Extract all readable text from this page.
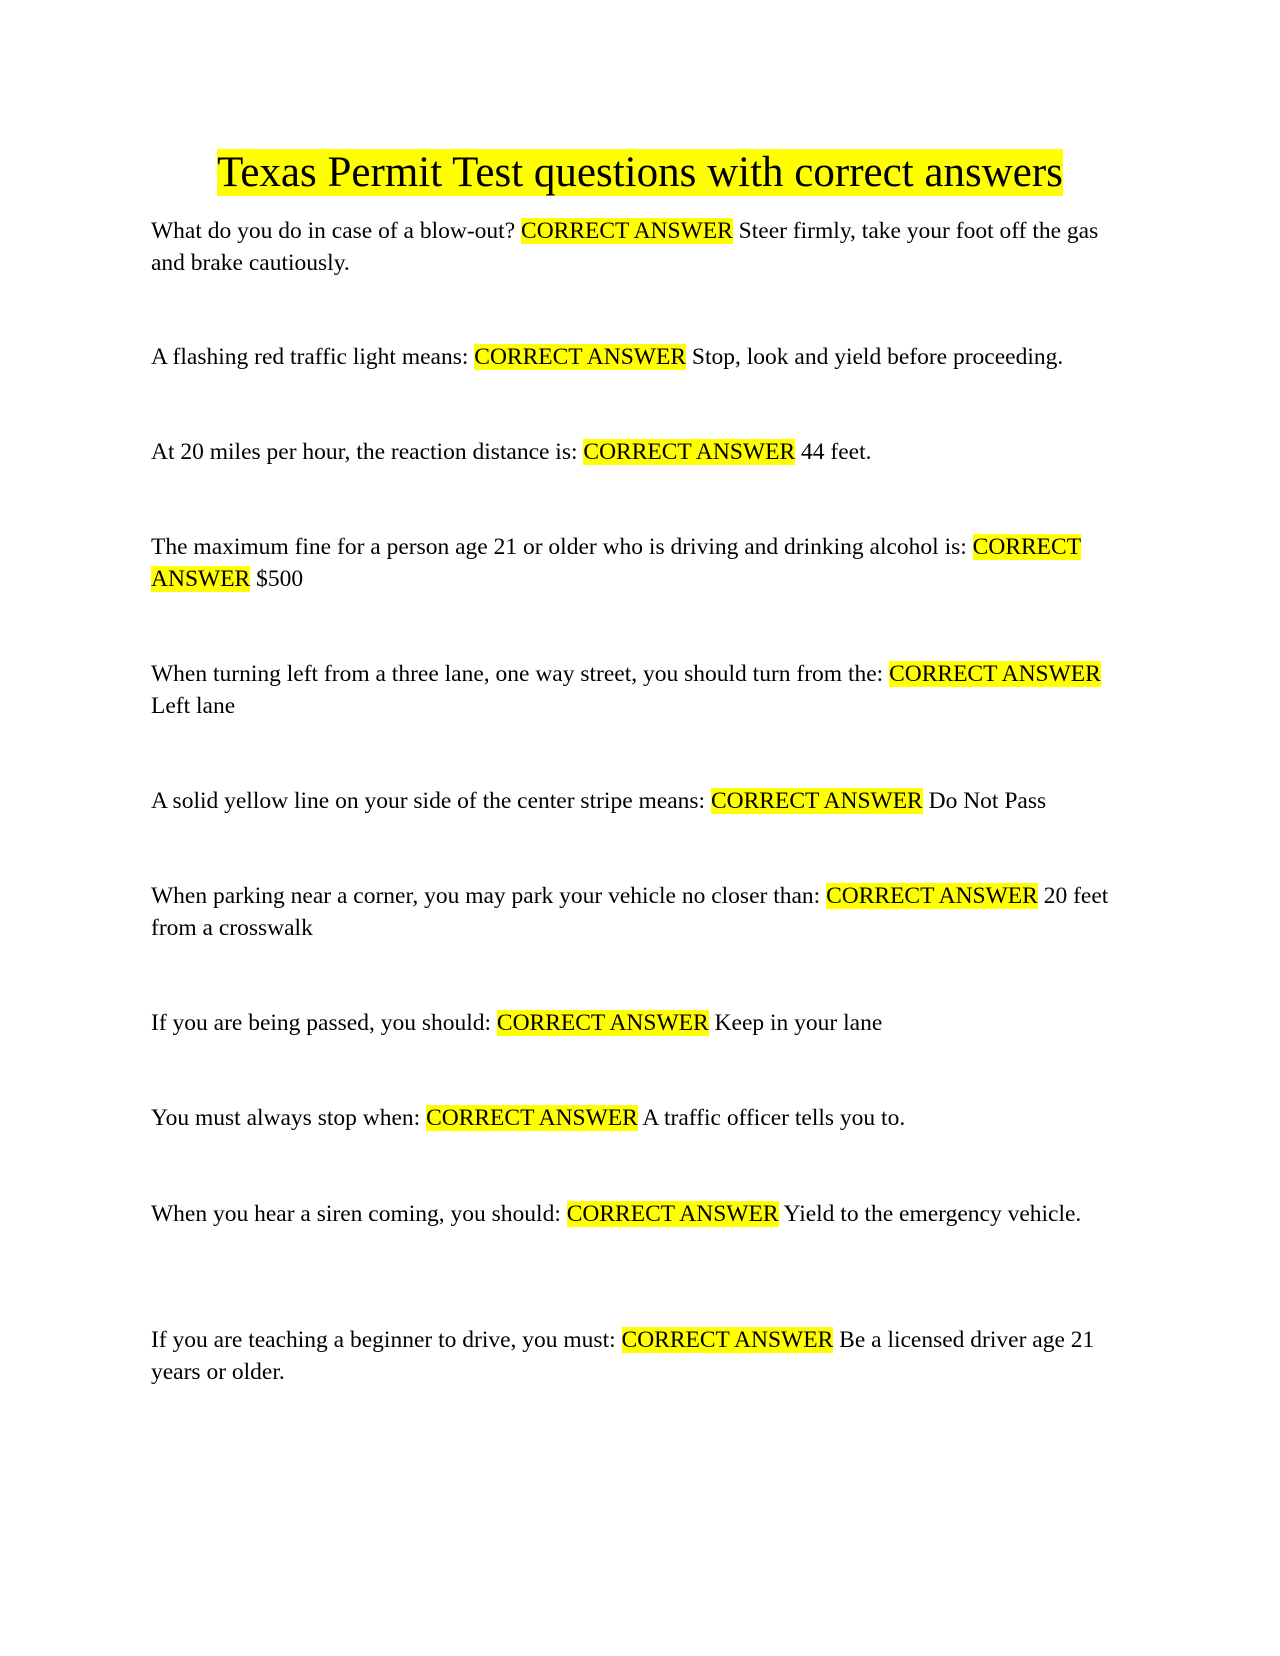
Texas Permit Test questions with correct answers

What do you do in case of a blow-out? CORRECT ANSWER Steer firmly, take your foot off the gas and brake cautiously.

A flashing red traffic light means: CORRECT ANSWER Stop, look and yield before proceeding.

At 20 miles per hour, the reaction distance is: CORRECT ANSWER 44 feet.

The maximum fine for a person age 21 or older who is driving and drinking alcohol is: CORRECT ANSWER $500

When turning left from a three lane, one way street, you should turn from the: CORRECT ANSWER Left lane

A solid yellow line on your side of the center stripe means: CORRECT ANSWER Do Not Pass

When parking near a corner, you may park your vehicle no closer than: CORRECT ANSWER 20 feet from a crosswalk

If you are being passed, you should: CORRECT ANSWER Keep in your lane

You must always stop when: CORRECT ANSWER A traffic officer tells you to.

When you hear a siren coming, you should: CORRECT ANSWER Yield to the emergency vehicle.

If you are teaching a beginner to drive, you must: CORRECT ANSWER Be a licensed driver age 21 years or older.
